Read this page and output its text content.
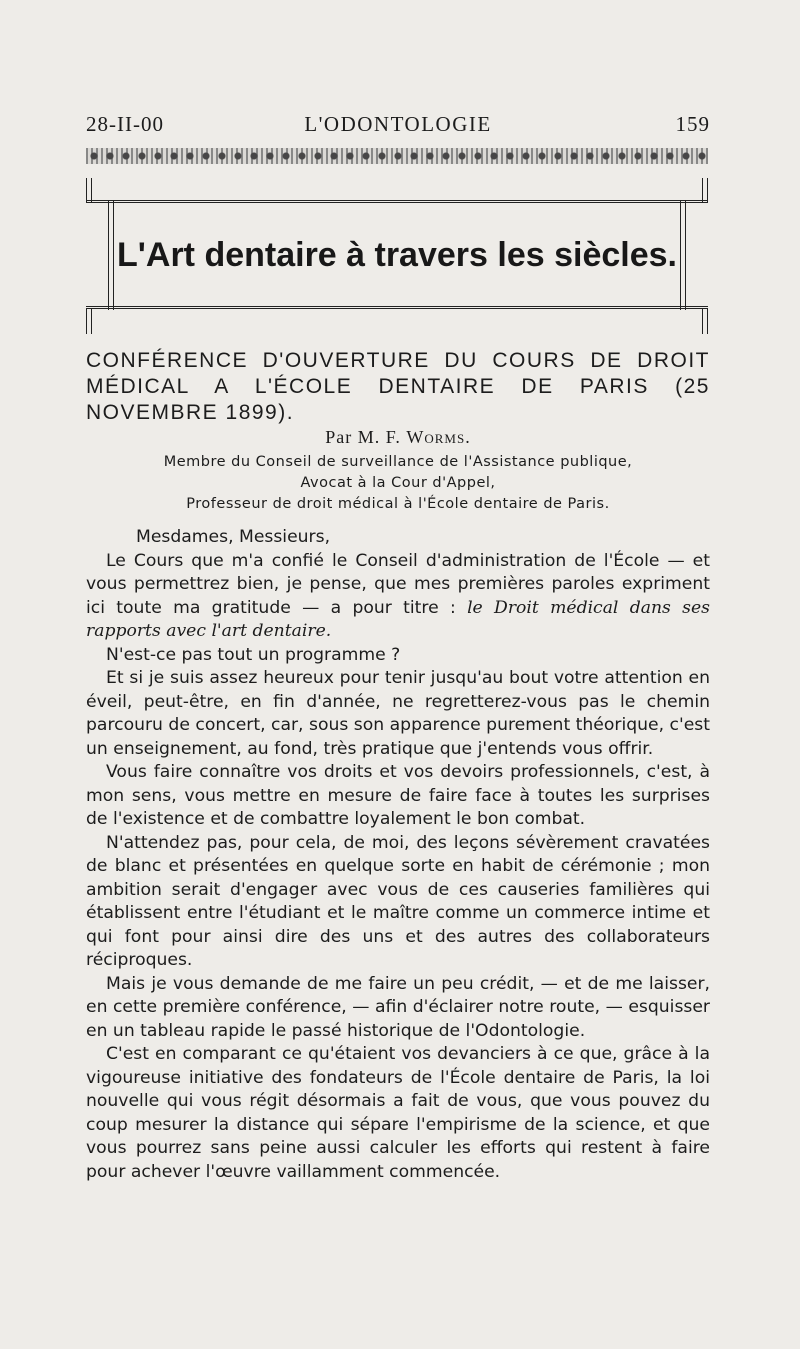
28-II-00	L'ODONTOLOGIE	159
L'Art dentaire à travers les siècles.
CONFÉRENCE D'OUVERTURE DU COURS DE DROIT MÉDICAL A L'ÉCOLE DENTAIRE DE PARIS (25 NOVEMBRE 1899).
Par M. F. Worms.
Membre du Conseil de surveillance de l'Assistance publique,
Avocat à la Cour d'Appel,
Professeur de droit médical à l'École dentaire de Paris.

Mesdames, Messieurs,

Le Cours que m'a confié le Conseil d'administration de l'École — et vous permettrez bien, je pense, que mes premières paroles expriment ici toute ma gratitude — a pour titre : le Droit médical dans ses rapports avec l'art dentaire.

N'est-ce pas tout un programme ?

Et si je suis assez heureux pour tenir jusqu'au bout votre attention en éveil, peut-être, en fin d'année, ne regretterez-vous pas le chemin parcouru de concert, car, sous son apparence purement théorique, c'est un enseignement, au fond, très pratique que j'entends vous offrir.

Vous faire connaître vos droits et vos devoirs professionnels, c'est, à mon sens, vous mettre en mesure de faire face à toutes les surprises de l'existence et de combattre loyalement le bon combat.

N'attendez pas, pour cela, de moi, des leçons sévèrement cravatées de blanc et présentées en quelque sorte en habit de cérémonie ; mon ambition serait d'engager avec vous de ces causeries familières qui établissent entre l'étudiant et le maître comme un commerce intime et qui font pour ainsi dire des uns et des autres des collaborateurs réciproques.

Mais je vous demande de me faire un peu crédit, — et de me laisser, en cette première conférence, — afin d'éclairer notre route, — esquisser en un tableau rapide le passé historique de l'Odontologie.

C'est en comparant ce qu'étaient vos devanciers à ce que, grâce à la vigoureuse initiative des fondateurs de l'École dentaire de Paris, la loi nouvelle qui vous régit désormais a fait de vous, que vous pouvez du coup mesurer la distance qui sépare l'empirisme de la science, et que vous pourrez sans peine aussi calculer les efforts qui restent à faire pour achever l'œuvre vaillamment commencée.
